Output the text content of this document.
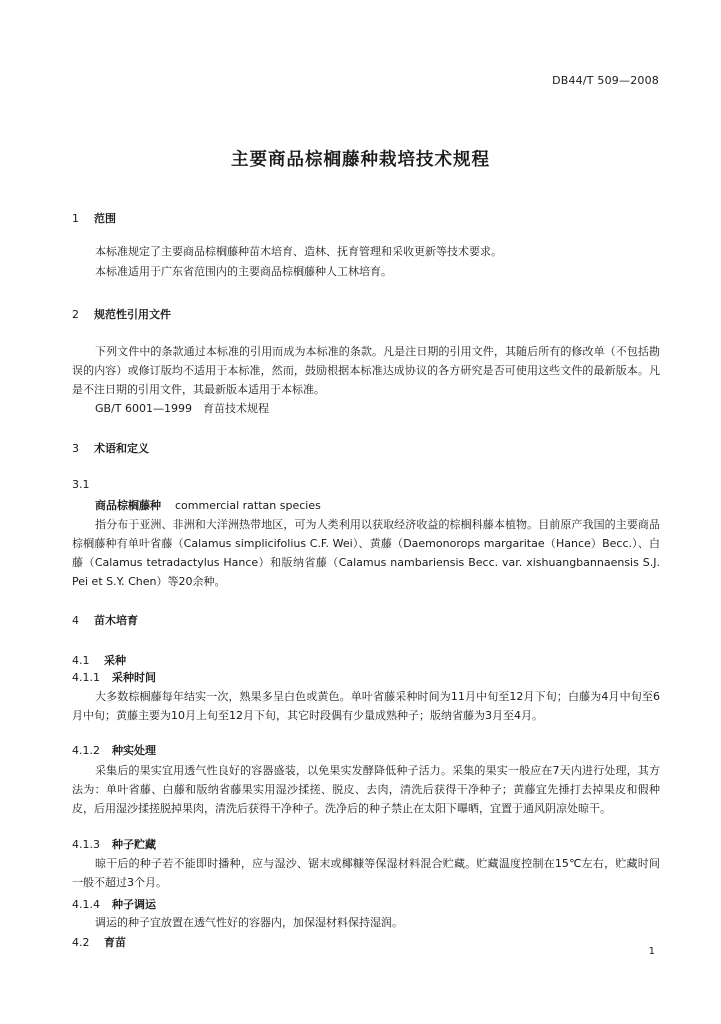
DB44/T 509—2008
主要商品棕榈藤种栽培技术规程
1 范围
本标准规定了主要商品棕榈藤种苗木培育、造林、抚育管理和采收更新等技术要求。
本标准适用于广东省范围内的主要商品棕榈藤种人工林培育。
2 规范性引用文件
下列文件中的条款通过本标准的引用而成为本标准的条款。凡是注日期的引用文件，其随后所有的修改单（不包括勘误的内容）或修订版均不适用于本标准，然而，鼓励根据本标准达成协议的各方研究是否可使用这些文件的最新版本。凡是不注日期的引用文件，其最新版本适用于本标准。
GB/T 6001—1999　育苗技术规程
3 术语和定义
3.1
商品棕榈藤种 commercial rattan species
指分布于亚洲、非洲和大洋洲热带地区，可为人类利用以获取经济收益的棕榈科藤本植物。目前原产我国的主要商品棕榈藤种有单叶省藤（Calamus simplicifolius C.F. Wei）、黄藤（Daemonorops margaritae（Hance）Becc.）、白藤（Calamus tetradactylus Hance）和版纳省藤（Calamus nambariensis Becc. var. xishuangbannaensis S.J. Pei et S.Y. Chen）等20余种。
4 苗木培育
4.1 采种
4.1.1 采种时间
大多数棕榈藤每年结实一次，熟果多呈白色或黄色。单叶省藤采种时间为11月中旬至12月下旬；白藤为4月中旬至6月中旬；黄藤主要为10月上旬至12月下旬，其它时段偶有少量成熟种子；版纳省藤为3月至4月。
4.1.2 种实处理
采集后的果实宜用透气性良好的容器盛装，以免果实发酵降低种子活力。采集的果实一般应在7天内进行处理，其方法为：单叶省藤、白藤和版纳省藤果实用湿沙揉搓、脱皮、去肉，清洗后获得干净种子；黄藤宜先捶打去掉果皮和假种皮，后用湿沙揉搓脱掉果肉，清洗后获得干净种子。洗净后的种子禁止在太阳下曝晒，宜置于通风阴凉处晾干。
4.1.3 种子贮藏
晾干后的种子若不能即时播种，应与湿沙、锯末或椰糠等保湿材料混合贮藏。贮藏温度控制在15℃左右，贮藏时间一般不超过3个月。
4.1.4 种子调运
调运的种子宜放置在透气性好的容器内，加保湿材料保持湿润。
4.2 育苗
1
